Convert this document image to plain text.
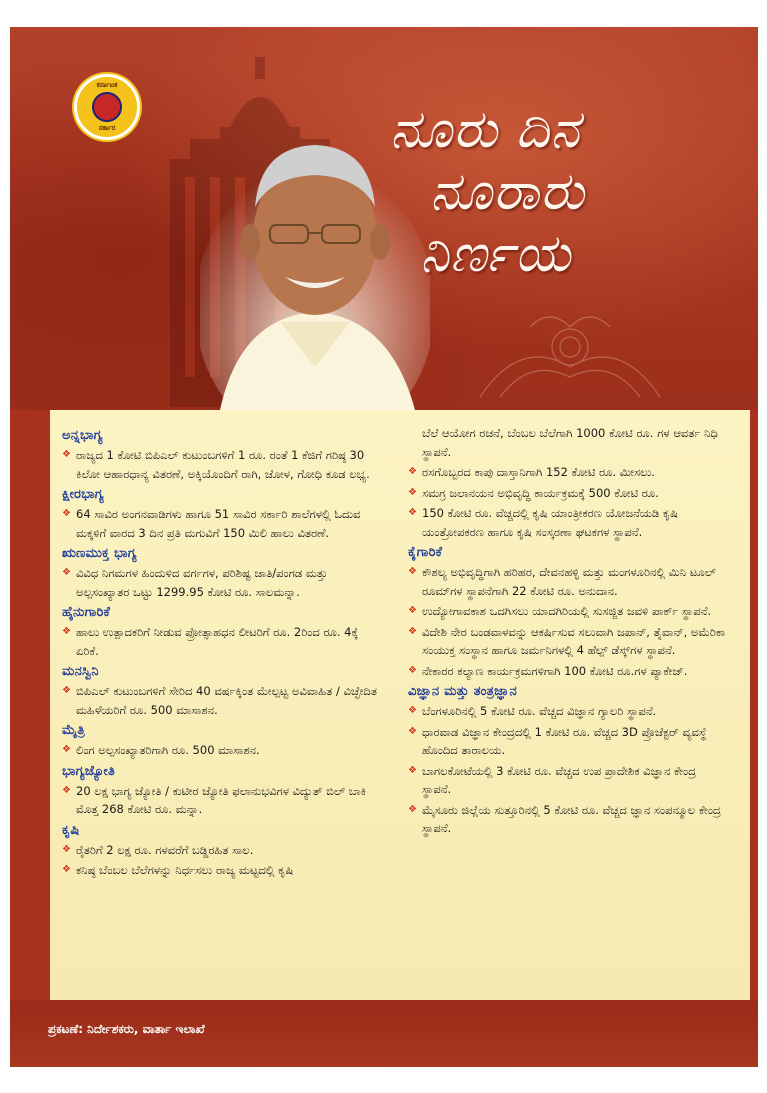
ಕರ್ನಾಟಕ
ಸರ್ಕಾರ	ನೂರು ದಿನ
ನೂರಾರು
ನಿರ್ಣಯ
ಅನ್ನಭಾಗ್ಯ
❖ ರಾಜ್ಯದ 1 ಕೋಟಿ ಬಿಪಿಎಲ್ ಕುಟುಂಬಗಳಿಗೆ 1 ರೂ. ರಂತೆ 1 ಕೆಜಿಗೆ ಗರಿಷ್ಠ 30 ಕಿಲೋ ಆಹಾರಧಾನ್ಯ ವಿತರಣೆ, ಅಕ್ಕಿಯೊಂದಿಗೆ ರಾಗಿ, ಜೋಳ, ಗೋಧಿ ಕೂಡ ಲಭ್ಯ.
ಕ್ಷೀರಭಾಗ್ಯ
❖ 64 ಸಾವಿರ ಅಂಗನವಾಡಿಗಳು ಹಾಗೂ 51 ಸಾವಿರ ಸರ್ಕಾರಿ ಶಾಲೆಗಳಲ್ಲಿ ಓದುವ ಮಕ್ಕಳಿಗೆ ವಾರದ 3 ದಿನ ಪ್ರತಿ ಮಗುವಿಗೆ 150 ಮಿಲಿ ಹಾಲು ವಿತರಣೆ.
ಋಣಮುಕ್ತ ಭಾಗ್ಯ
❖ ವಿವಿಧ ನಿಗಮಗಳ ಹಿಂದುಳಿದ ವರ್ಗಗಳ, ಪರಿಶಿಷ್ಟ ಜಾತಿ/ಪಂಗಡ ಮತ್ತು ಅಲ್ಪಸಂಖ್ಯಾತರ ಒಟ್ಟು 1299.95 ಕೋಟಿ ರೂ. ಸಾಲಮನ್ನಾ.
ಹೈನುಗಾರಿಕೆ
❖ ಹಾಲು ಉತ್ಪಾದಕರಿಗೆ ನೀಡುವ ಪ್ರೋತ್ಸಾಹಧನ ಲೀಟರಿಗೆ ರೂ. 2ರಿಂದ ರೂ. 4ಕ್ಕೆ ಏರಿಕೆ.
ಮನಸ್ವಿನಿ
❖ ಬಿಪಿಎಲ್ ಕುಟುಂಬಗಳಿಗೆ ಸೇರಿದ 40 ವರ್ಷಕ್ಕಿಂತ ಮೇಲ್ಪಟ್ಟ ಅವಿವಾಹಿತ / ವಿಚ್ಛೇದಿತ ಮಹಿಳೆಯರಿಗೆ ರೂ. 500 ಮಾಸಾಶನ.
ಮೈತ್ರಿ
❖ ಲಿಂಗ ಅಲ್ಪಸಂಖ್ಯಾತರಿಗಾಗಿ ರೂ. 500 ಮಾಸಾಶನ.
ಭಾಗ್ಯಜ್ಯೋತಿ
❖ 20 ಲಕ್ಷ ಭಾಗ್ಯ ಜ್ಯೋತಿ / ಕುಟೀರ ಜ್ಯೋತಿ ಫಲಾನುಭವಿಗಳ ವಿದ್ಯುತ್ ಬಿಲ್ ಬಾಕಿ ಮೊತ್ತ 268 ಕೋಟಿ ರೂ. ಮನ್ನಾ.
ಕೃಷಿ
❖ ರೈತರಿಗೆ 2 ಲಕ್ಷ ರೂ. ಗಳವರೆಗೆ ಬಡ್ಡಿರಹಿತ ಸಾಲ.
❖ ಕನಿಷ್ಠ ಬೆಂಬಲ ಬೆಲೆಗಳನ್ನು ನಿರ್ಧಸಲು ರಾಜ್ಯ ಮಟ್ಟದಲ್ಲಿ ಕೃಷಿ
ಬೆಲೆ ಆಯೋಗ ರಚನೆ, ಬೆಂಬಲ ಬೆಲೆಗಾಗಿ 1000 ಕೋಟಿ ರೂ. ಗಳ ಆವರ್ತ ನಿಧಿ ಸ್ಥಾಪನೆ.
❖ ರಸಗೊಬ್ಬರದ ಕಾಪು ದಾಸ್ತಾನಿಗಾಗಿ 152 ಕೋಟಿ ರೂ. ಮೀಸಲು.
❖ ಸಮಗ್ರ ಜಲಾನಯನ ಅಭಿವೃದ್ಧಿ ಕಾರ್ಯಕ್ರಮಕ್ಕೆ 500 ಕೋಟಿ ರೂ.
❖ 150 ಕೋಟಿ ರೂ. ವೆಚ್ಚದಲ್ಲಿ ಕೃಷಿ ಯಾಂತ್ರೀಕರಣ ಯೋಜನೆಯಡಿ ಕೃಷಿ ಯಂತ್ರೋಪಕರಣ ಹಾಗೂ ಕೃಷಿ ಸಂಸ್ಕರಣಾ ಘಟಕಗಳ ಸ್ಥಾಪನೆ.
ಕೈಗಾರಿಕೆ
❖ ಕೌಶಲ್ಯ ಅಭಿವೃದ್ಧಿಗಾಗಿ ಹರಿಹರ, ದೇವನಹಳ್ಳಿ ಮತ್ತು ಮಂಗಳೂರಿನಲ್ಲಿ ಮಿನಿ ಟೂಲ್ ರೂಮ್‌ಗಳ ಸ್ಥಾಪನೆಗಾಗಿ 22 ಕೋಟಿ ರೂ. ಅನುದಾನ.
❖ ಉದ್ಯೋಗಾವಕಾಶ ಒದಗಿಸಲು ಯಾದಗಿರಿಯಲ್ಲಿ ಸುಸಜ್ಜಿತ ಜವಳಿ ಪಾರ್ಕ್ ಸ್ಥಾಪನೆ.
❖ ವಿದೇಶಿ ನೇರ ಬಂಡವಾಳವನ್ನು ಆಕರ್ಷಿಸುವ ಸಲುವಾಗಿ ಜಪಾನ್, ತೈವಾನ್, ಅಮೆರಿಕಾ ಸಂಯುಕ್ತ ಸಂಸ್ಥಾನ ಹಾಗೂ ಜರ್ಮನಿಗಳಲ್ಲಿ 4 ಹೆಲ್ಪ್ ಡೆಸ್ಕ್‌ಗಳ ಸ್ಥಾಪನೆ.
❖ ನೇಕಾರರ ಕಲ್ಯಾಣ ಕಾರ್ಯಕ್ರಮಗಳಿಗಾಗಿ 100 ಕೋಟಿ ರೂ.ಗಳ ಪ್ಯಾಕೇಜ್.
ವಿಜ್ಞಾನ ಮತ್ತು ತಂತ್ರಜ್ಞಾನ
❖ ಬೆಂಗಳೂರಿನಲ್ಲಿ 5 ಕೋಟಿ ರೂ. ವೆಚ್ಚದ ವಿಜ್ಞಾನ ಗ್ಯಾಲರಿ ಸ್ಥಾಪನೆ.
❖ ಧಾರವಾಡ ವಿಜ್ಞಾನ ಕೇಂದ್ರದಲ್ಲಿ 1 ಕೋಟಿ ರೂ. ವೆಚ್ಚದ 3D ಪ್ರೊಜೆಕ್ಟರ್ ವ್ಯವಸ್ಥೆ ಹೊಂದಿದ ತಾರಾಲಯ.
❖ ಬಾಗಲಕೋಟೆಯಲ್ಲಿ 3 ಕೋಟಿ ರೂ. ವೆಚ್ಚದ ಉಪ ಪ್ರಾದೇಶಿಕ ವಿಜ್ಞಾನ ಕೇಂದ್ರ ಸ್ಥಾಪನೆ.
❖ ಮೈಸೂರು ಜಿಲ್ಲೆಯ ಸುತ್ತೂರಿನಲ್ಲಿ 5 ಕೋಟಿ ರೂ. ವೆಚ್ಚದ ಜ್ಞಾನ ಸಂಪನ್ಮೂಲ ಕೇಂದ್ರ ಸ್ಥಾಪನೆ.
ಪ್ರಕಟಣೆ: ನಿರ್ದೇಶಕರು, ವಾರ್ತಾ ಇಲಾಖೆ
